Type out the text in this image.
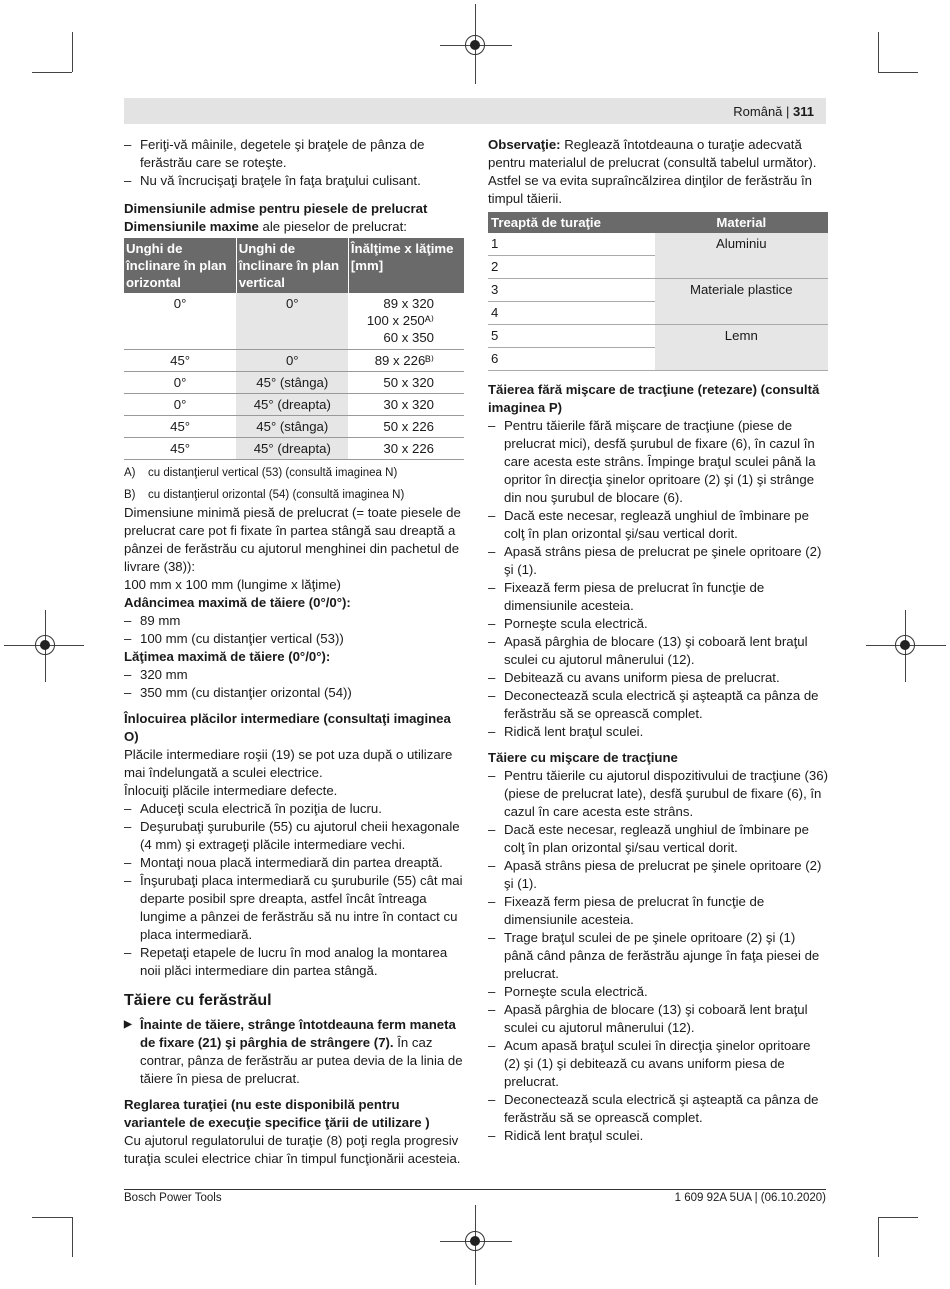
Română | 311

– Feriţi-vă mâinile, degetele şi braţele de pânza de ferăstrău care se roteşte.

– Nu vă încrucişaţi braţele în faţa braţului culisant.

Dimensiunile admise pentru piesele de prelucrat

Dimensiunile maxime ale pieselor de prelucrat:

Unghi de înclinare în plan orizontal	Unghi de înclinare în plan vertical	Înălţime x lăţime [mm]
0°	0°	89 x 320
100 x 250ᴬ⁾
60 x 350
45°	0°	89 x 226ᴮ⁾
0°	45° (stânga)	50 x 320
0°	45° (dreapta)	30 x 320
45°	45° (stânga)	50 x 226
45°	45° (dreapta)	30 x 226

A) cu distanţierul vertical (53) (consultă imaginea N)

B) cu distanţierul orizontal (54) (consultă imaginea N)

Dimensiune minimă piesă de prelucrat (= toate piesele de prelucrat care pot fi fixate în partea stângă sau dreaptă a pânzei de ferăstrău cu ajutorul menghinei din pachetul de livrare (38)):

100 mm x 100 mm (lungime x lăţime)

Adâncimea maximă de tăiere (0°/0°):

– 89 mm

– 100 mm (cu distanţier vertical (53))

Lăţimea maximă de tăiere (0°/0°):

– 320 mm

– 350 mm (cu distanţier orizontal (54))

Înlocuirea plăcilor intermediare (consultaţi imaginea O)

Plăcile intermediare roşii (19) se pot uza după o utilizare mai îndelungată a sculei electrice.

Înlocuiţi plăcile intermediare defecte.

– Aduceţi scula electrică în poziţia de lucru.

– Deşurubaţi şuruburile (55) cu ajutorul cheii hexagonale (4 mm) şi extrageţi plăcile intermediare vechi.

– Montaţi noua placă intermediară din partea dreaptă.

– Înşurubaţi placa intermediară cu şuruburile (55) cât mai departe posibil spre dreapta, astfel încât întreaga lungime a pânzei de ferăstrău să nu intre în contact cu placa intermediară.

– Repetaţi etapele de lucru în mod analog la montarea noii plăci intermediare din partea stângă.

Tăiere cu ferăstrăul

▶ Înainte de tăiere, strânge întotdeauna ferm maneta de fixare (21) şi pârghia de strângere (7). În caz contrar, pânza de ferăstrău ar putea devia de la linia de tăiere în piesa de prelucrat.

Reglarea turaţiei (nu este disponibilă pentru variantele de execuţie specifice ţării de utilizare )

Cu ajutorul regulatorului de turaţie (8) poţi regla progresiv turaţia sculei electrice chiar în timpul funcţionării acesteia.

Observaţie: Reglează întotdeauna o turaţie adecvată pentru materialul de prelucrat (consultă tabelul următor). Astfel se va evita supraîncălzirea dinţilor de ferăstrău în timpul tăierii.

Treaptă de turaţie	Material
1	Aluminiu
2	
3	Materiale plastice
4	
5	Lemn
6	

Tăierea fără mişcare de tracţiune (retezare) (consultă imaginea P)

– Pentru tăierile fără mişcare de tracţiune (piese de prelucrat mici), desfă şurubul de fixare (6), în cazul în care acesta este strâns. Împinge braţul sculei până la opritor în direcţia şinelor opritoare (2) şi (1) şi strânge din nou şurubul de blocare (6).

– Dacă este necesar, reglează unghiul de îmbinare pe colţ în plan orizontal şi/sau vertical dorit.

– Apasă strâns piesa de prelucrat pe şinele opritoare (2) şi (1).

– Fixează ferm piesa de prelucrat în funcţie de dimensiunile acesteia.

– Porneşte scula electrică.

– Apasă pârghia de blocare (13) şi coboară lent braţul sculei cu ajutorul mânerului (12).

– Debitează cu avans uniform piesa de prelucrat.

– Deconectează scula electrică şi aşteaptă ca pânza de ferăstrău să se oprească complet.

– Ridică lent braţul sculei.

Tăiere cu mişcare de tracţiune

– Pentru tăierile cu ajutorul dispozitivului de tracţiune (36) (piese de prelucrat late), desfă şurubul de fixare (6), în cazul în care acesta este strâns.

– Dacă este necesar, reglează unghiul de îmbinare pe colţ în plan orizontal şi/sau vertical dorit.

– Apasă strâns piesa de prelucrat pe şinele opritoare (2) şi (1).

– Fixează ferm piesa de prelucrat în funcţie de dimensiunile acesteia.

– Trage braţul sculei de pe şinele opritoare (2) şi (1) până când pânza de ferăstrău ajunge în faţa piesei de prelucrat.

– Porneşte scula electrică.

– Apasă pârghia de blocare (13) şi coboară lent braţul sculei cu ajutorul mânerului (12).

– Acum apasă braţul sculei în direcţia şinelor opritoare (2) şi (1) şi debitează cu avans uniform piesa de prelucrat.

– Deconectează scula electrică şi aşteaptă ca pânza de ferăstrău să se oprească complet.

– Ridică lent braţul sculei.

Bosch Power Tools	1 609 92A 5UA | (06.10.2020)
